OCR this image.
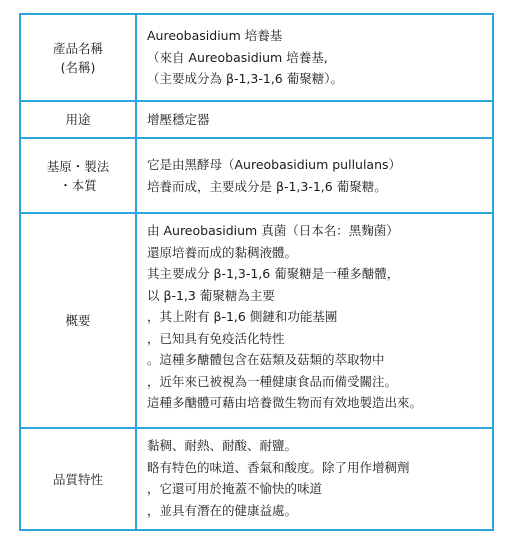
產品名稱
(名稱)
Aureobasidium 培養基
（來自 Aureobasidium 培養基,
（主要成分為 β-1,3-1,6 葡聚糖）。
用途	增壓穩定器
基原・製法
・本質
它是由黑酵母（Aureobasidium pullulans）
培養而成，主要成分是 β-1,3-1,6 葡聚糖。
概要
由 Aureobasidium 真菌（日本名：黑麴菌）
還原培養而成的黏稠液體。
其主要成分 β-1,3-1,6 葡聚糖是一種多醣體，
以 β-1,3 葡聚糖為主要
，其上附有 β-1,6 側鏈和功能基團
，已知具有免疫活化特性
。這種多醣體包含在菇類及菇類的萃取物中
，近年來已被視為一種健康食品而備受關注。
這種多醣體可藉由培養微生物而有效地製造出來。
品質特性
黏稠、耐熱、耐酸、耐鹽。
略有特色的味道、香氣和酸度。除了用作增稠劑
，它還可用於掩蓋不愉快的味道
，並具有潛在的健康益處。
